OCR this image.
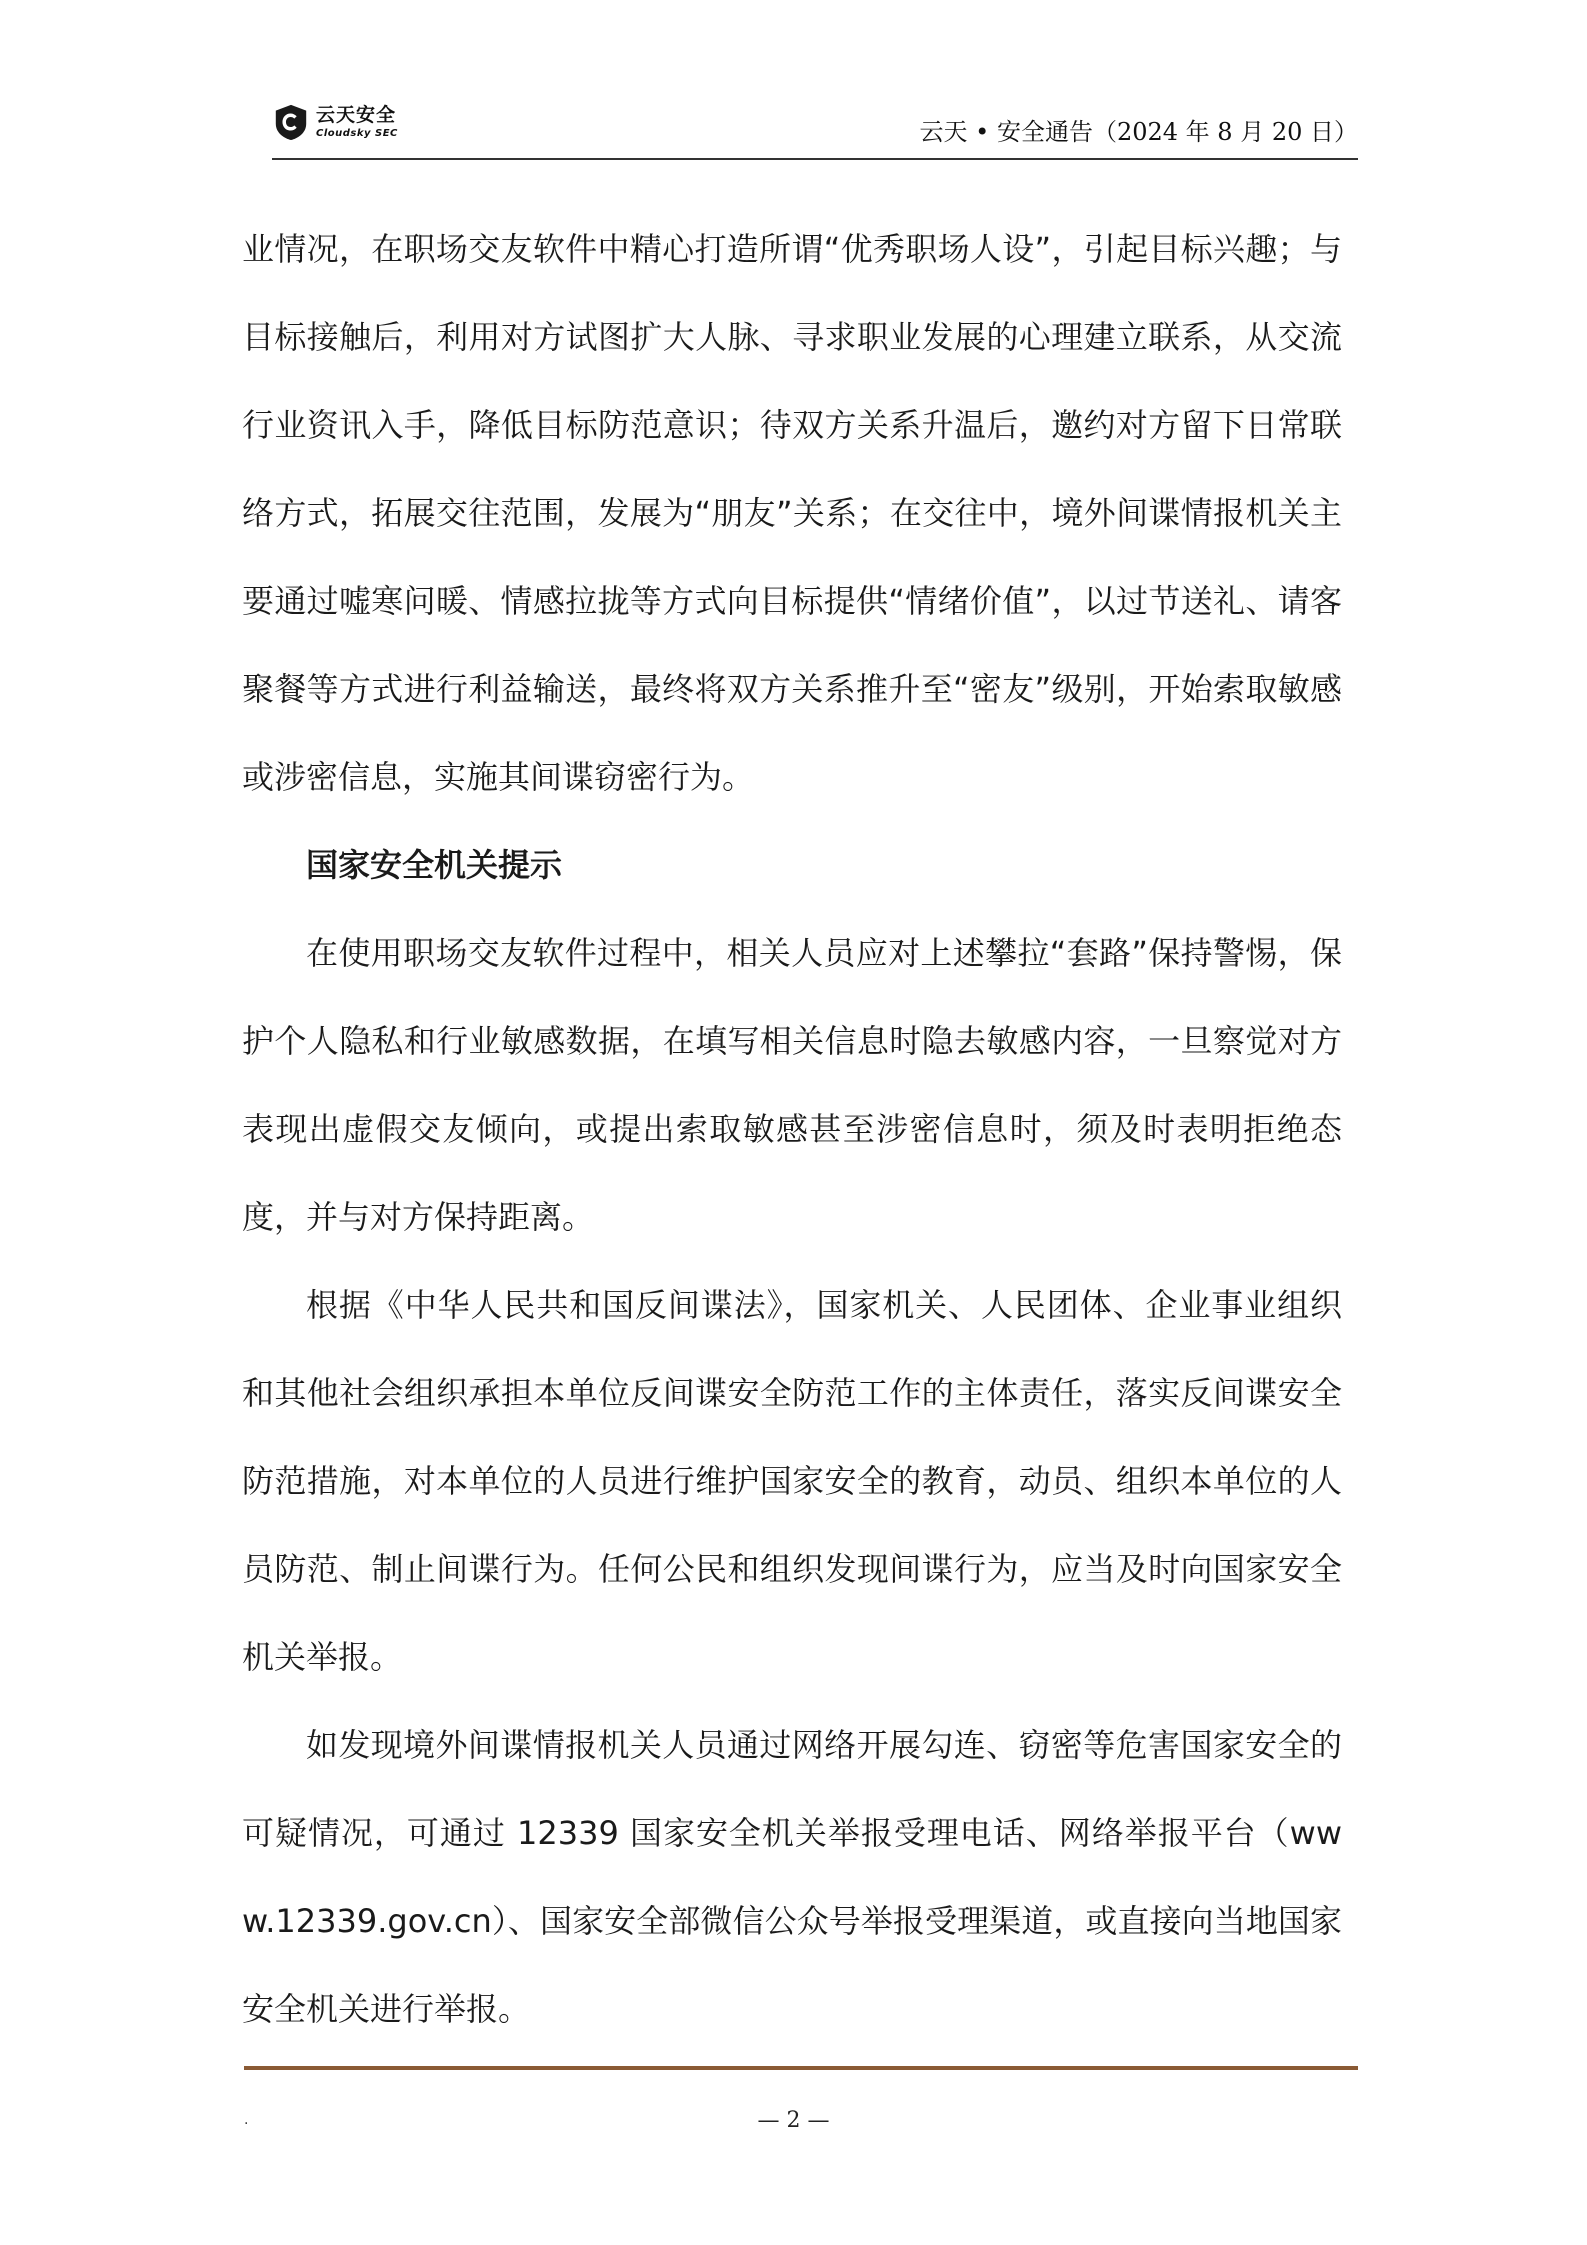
云天安全
Cloudsky SEC	云天 • 安全通告（2024 年 8 月 20 日）

业情况，在职场交友软件中精心打造所谓“优秀职场人设”，引起目标兴趣；与目标接触后，利用对方试图扩大人脉、寻求职业发展的心理建立联系，从交流行业资讯入手，降低目标防范意识；待双方关系升温后，邀约对方留下日常联络方式，拓展交往范围，发展为“朋友”关系；在交往中，境外间谍情报机关主要通过嘘寒问暖、情感拉拢等方式向目标提供“情绪价值”，以过节送礼、请客聚餐等方式进行利益输送，最终将双方关系推升至“密友”级别，开始索取敏感或涉密信息，实施其间谍窃密行为。

国家安全机关提示

在使用职场交友软件过程中，相关人员应对上述攀拉“套路”保持警惕，保护个人隐私和行业敏感数据，在填写相关信息时隐去敏感内容，一旦察觉对方表现出虚假交友倾向，或提出索取敏感甚至涉密信息时，须及时表明拒绝态度，并与对方保持距离。

根据《中华人民共和国反间谍法》，国家机关、人民团体、企业事业组织和其他社会组织承担本单位反间谍安全防范工作的主体责任，落实反间谍安全防范措施，对本单位的人员进行维护国家安全的教育，动员、组织本单位的人员防范、制止间谍行为。任何公民和组织发现间谍行为，应当及时向国家安全机关举报。

如发现境外间谍情报机关人员通过网络开展勾连、窃密等危害国家安全的可疑情况，可通过 12339 国家安全机关举报受理电话、网络举报平台（www.12339.gov.cn）、国家安全部微信公众号举报受理渠道，或直接向当地国家安全机关进行举报。

.	— 2 —
